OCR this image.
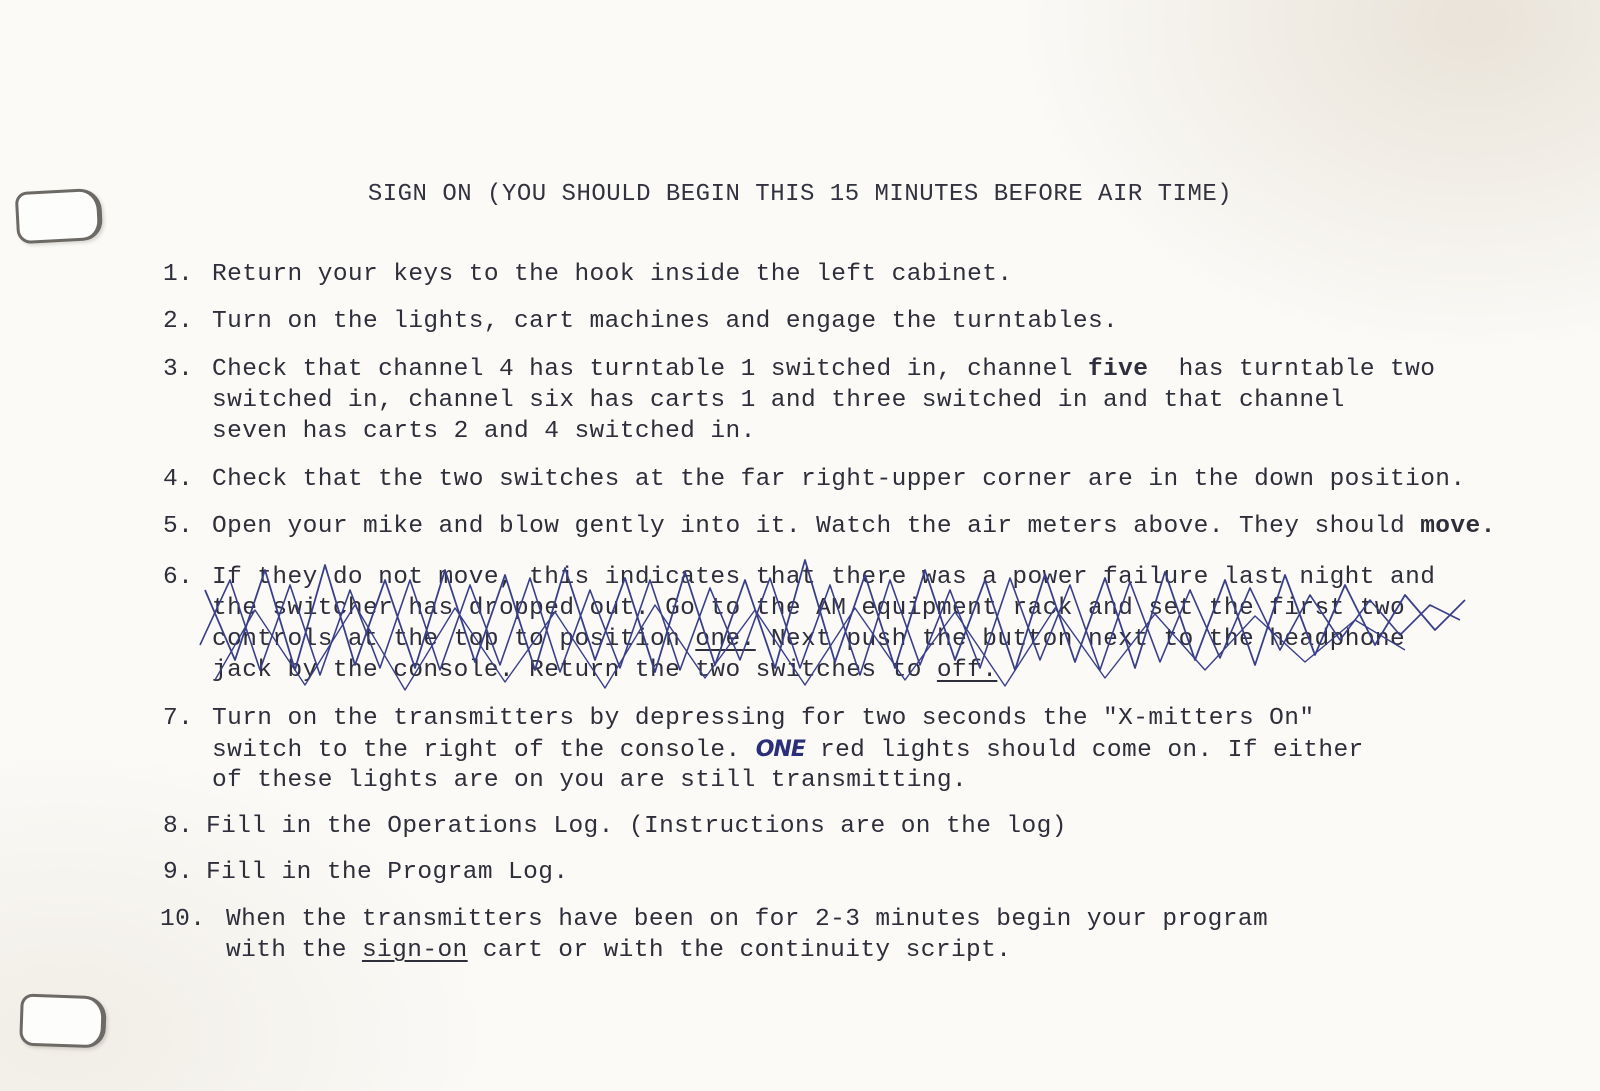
SIGN ON (YOU SHOULD BEGIN THIS 15 MINUTES BEFORE AIR TIME)

1.

Return your keys to the hook inside the left cabinet.

2.

Turn on the lights, cart machines and engage the turntables.

3.

Check that channel 4 has turntable 1 switched in, channel five has turntable two

switched in, channel six has carts 1 and three switched in and that channel

seven has carts 2 and 4 switched in.

4.

Check that the two switches at the far right-upper corner are in the down position.

5.

Open your mike and blow gently into it. Watch the air meters above. They should move.

6.

If they do not move, this indicates that there was a power failure last night and

the switcher has dropped out. Go to the AM equipment rack and set the first two

controls at the top to position one. Next push the button next to the headphone

jack by the console. Return the two switches to off.

7.

Turn on the transmitters by depressing for two seconds the "X-mitters On"

switch to the right of the console. ONE red lights should come on. If either

of these lights are on you are still transmitting.

8.

Fill in the Operations Log. (Instructions are on the log)

9.

Fill in the Program Log.

10.

When the transmitters have been on for 2-3 minutes begin your program

with the sign-on cart or with the continuity script.
